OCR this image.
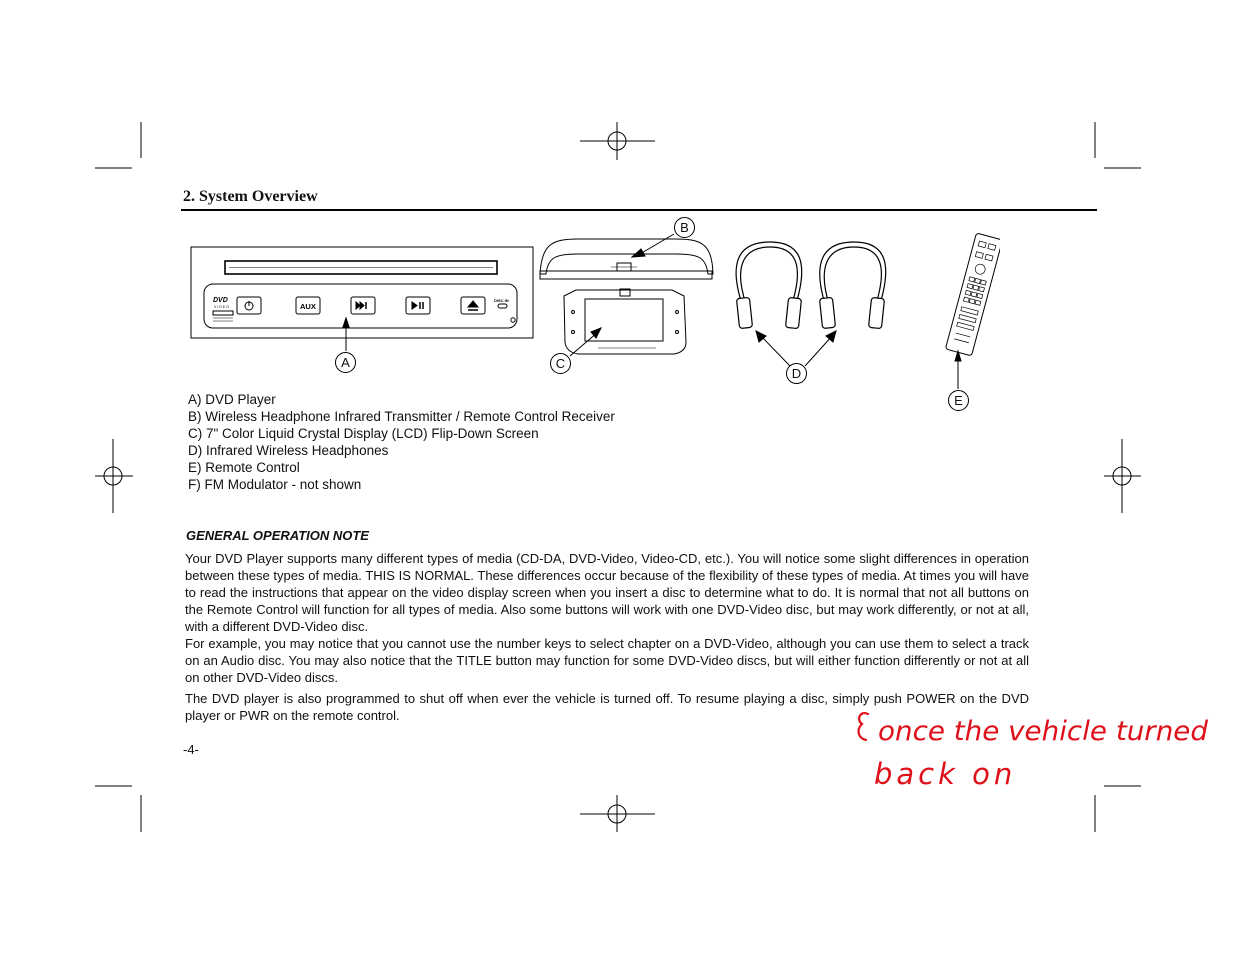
2. System Overview
DVD
VIDEO	AUX
DISC IN
A
B
C
D
E
A) DVD Player
B) Wireless Headphone Infrared Transmitter / Remote Control Receiver
C) 7" Color Liquid Crystal Display (LCD) Flip-Down Screen
D) Infrared Wireless Headphones
E) Remote Control
F) FM Modulator - not shown
GENERAL OPERATION NOTE

Your DVD Player supports many different types of media (CD-DA, DVD-Video, Video-CD, etc.). You will notice some slight differences in operation between these types of media. THIS IS NORMAL. These differences occur because of the flexibility of these types of media. At times you will have to read the instructions that appear on the video display screen when you insert a disc to determine what to do. It is normal that not all buttons on the Remote Control will function for all types of media. Also some buttons will work with one DVD-Video disc, but may work differently, or not at all, with a different DVD-Video disc.

For example, you may notice that you cannot use the number keys to select chapter on a DVD-Video, although you can use them to select a track on an Audio disc. You may also notice that the TITLE button may function for some DVD-Video discs, but will either function differently or not at all on other DVD-Video discs.

The DVD player is also programmed to shut off when ever the vehicle is turned off. To resume playing a disc, simply push POWER on the DVD player or PWR on the remote control.

-4-
once the vehicle turned
back on
